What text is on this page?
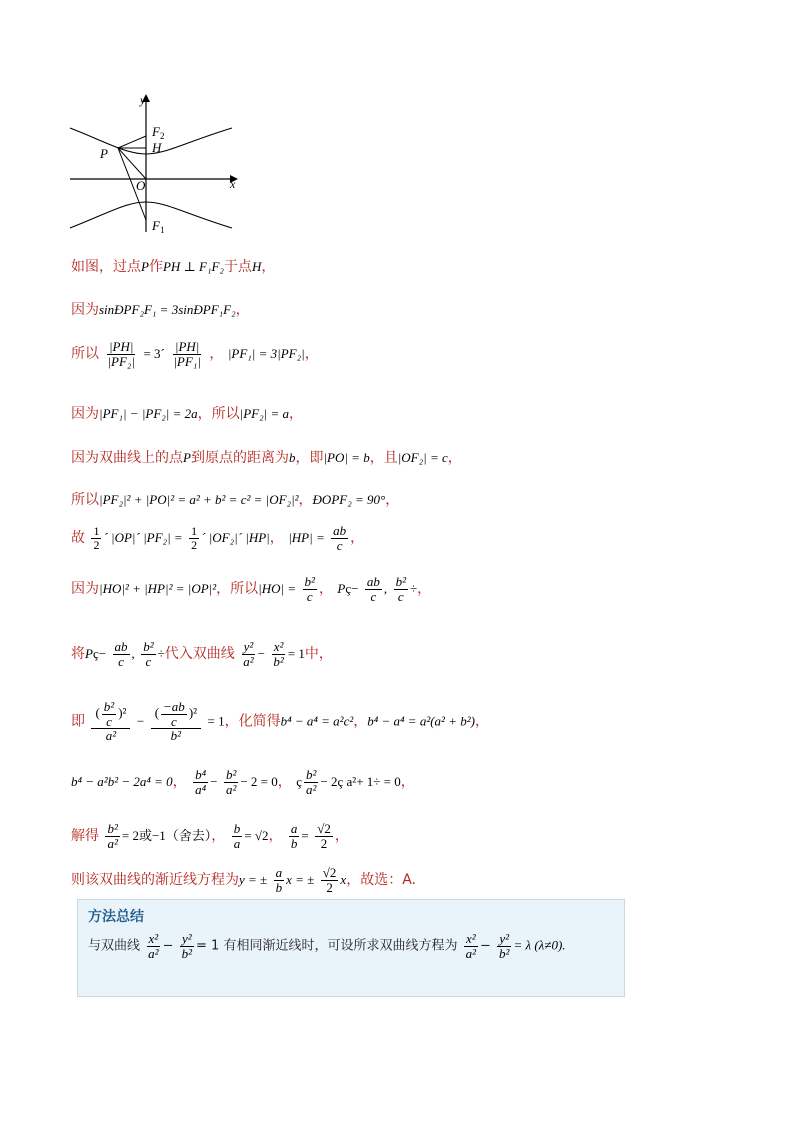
y
x
$F_2$
H
P
O
$F_1$
如图，过点P作PH ⊥ F₁F₂于点H，
因为sinÐPF₂F₁ = 3sinÐPF₁F₂，
所以 $\frac{|PH|}{\text{|PF₂|}}$ = 3´ $\frac{|PH|}{\text{|PF₁|}}$ ， |PF₁| = 3|PF₂|，
因为|PF₁| − |PF₂| = 2a，所以|PF₂| = a，
因为双曲线上的点P到原点的距离为b，即|PO| = b，且|OF₂| = c，
所以|PF₂|² + |PO|² = a² + b² = c² = |OF₂|²，ÐOPF₂ = 90°，
故 $\frac{1}{2}$ ´ |OP|´ $|PF_2| = \frac{1}{2}$ ´ |OF₂|´ |HP|， $|HP| = \frac{ab}{c}$ ，
因为|HO|² + |HP|² = |OP|²，所以$|HO| = \frac{\text{b²}}{c}$ ， Pç− $\frac{ab}{c}$ , $\frac{\text{b²}}{c}$ ÷，
将Pç− $\frac{ab}{c}$ , $\frac{\text{b²}}{c}$ ÷代入双曲线 $\frac{\text{y²}}{\text{a²}} - \frac{\text{x²}}{\text{b²}} = 1$中，
即 $\frac{( \frac{\text{b²}}{c} )^2}{\text{a²}} - \frac{( \frac{-ab}{c} )^2}{\text{b²}} = 1$，化简得b⁴ − a⁴ = a²c²，b⁴ − a⁴ = a²(a² + b²)，
b⁴ − a²b² − 2a⁴ = 0， $\frac{\text{b⁴}}{\text{a⁴}} - \frac{\text{b²}}{\text{a²}} - 2 = 0$， ç $\frac{\text{b²}}{\text{a²}}$ − 2ç a²+ 1÷ = 0，
解得 $\frac{\text{b²}}{\text{a²}} = 2$或−1（舍去）， $\frac{b}{a} = √2$， $\frac{a}{b} = \frac{√2}{2}$ ，
则该双曲线的渐近线方程为y = ± $\frac{a}{b}$ x = ± $\frac{√2}{2}$ x，故选：A.
方法总结
与双曲线 $\frac{\text{x²}}{\text{a²}} - \frac{\text{y²}}{\text{b²}} = 1$ 有相同渐近线时，可设所求双曲线方程为 $\frac{\text{x²}}{\text{a²}} - \frac{\text{y²}}{\text{b²}} = \lambda$ (λ≠0).
